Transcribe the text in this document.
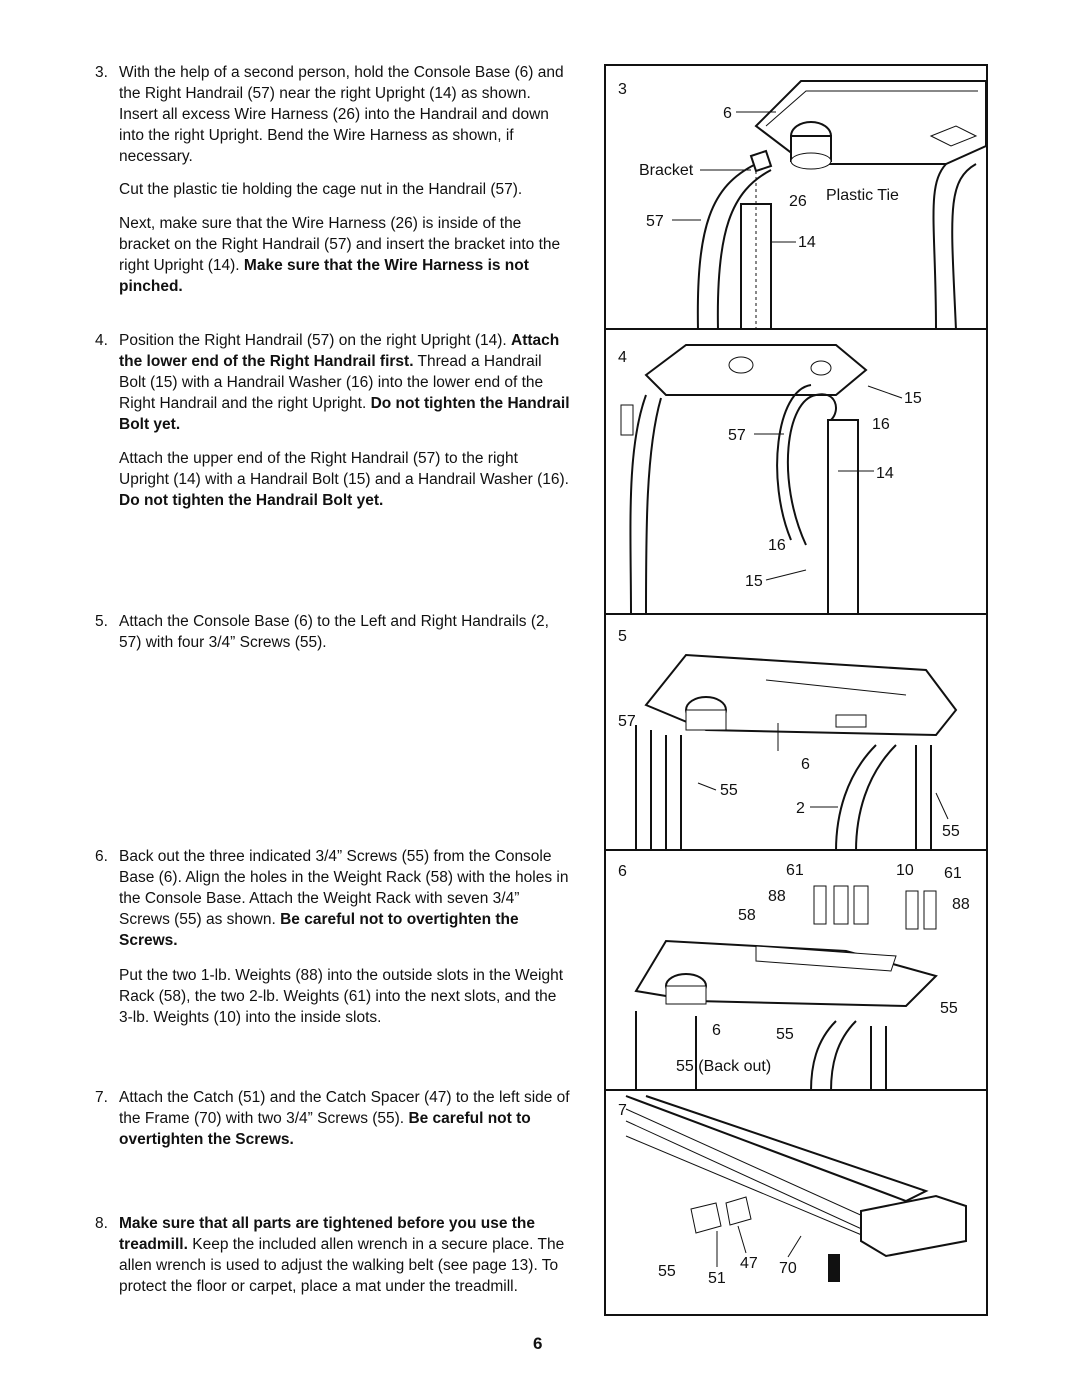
3. With the help of a second person, hold the Console Base (6) and the Right Handrail (57) near the right Upright (14) as shown. Insert all excess Wire Harness (26) into the Handrail and down into the right Upright. Bend the Wire Harness as shown, if necessary.

Cut the plastic tie holding the cage nut in the Handrail (57).

Next, make sure that the Wire Harness (26) is inside of the bracket on the Right Handrail (57) and insert the bracket into the right Upright (14). Make sure that the Wire Harness is not pinched.

4. Position the Right Handrail (57) on the right Upright (14). Attach the lower end of the Right Handrail first. Thread a Handrail Bolt (15) with a Handrail Washer (16) into the lower end of the Right Handrail and the right Upright. Do not tighten the Handrail Bolt yet.

Attach the upper end of the Right Handrail (57) to the right Upright (14) with a Handrail Bolt (15) and a Handrail Washer (16). Do not tighten the Handrail Bolt yet.

5. Attach the Console Base (6) to the Left and Right Handrails (2, 57) with four 3/4” Screws (55).

6. Back out the three indicated 3/4” Screws (55) from the Console Base (6). Align the holes in the Weight Rack (58) with the holes in the Console Base. Attach the Weight Rack with seven 3/4” Screws (55) as shown. Be careful not to overtighten the Screws.

Put the two 1-lb. Weights (88) into the outside slots in the Weight Rack (58), the two 2-lb. Weights (61) into the next slots, and the 3-lb. Weights (10) into the inside slots.

7. Attach the Catch (51) and the Catch Spacer (47) to the left side of the Frame (70) with two 3/4” Screws (55). Be careful not to overtighten the Screws.

8. Make sure that all parts are tightened before you use the treadmill. Keep the included allen wrench in a secure place. The allen wrench is used to adjust the walking belt (see page 13). To protect the floor or carpet, place a mat under the treadmill.

3
6
Bracket
26 Plastic Tie
57
14
4
15
16
57
14
16
15
5
57
6
55
2
55
6	61	10 61
88
58
88
55
6	55
55 (Back out)
7
55 51
47 70
6
